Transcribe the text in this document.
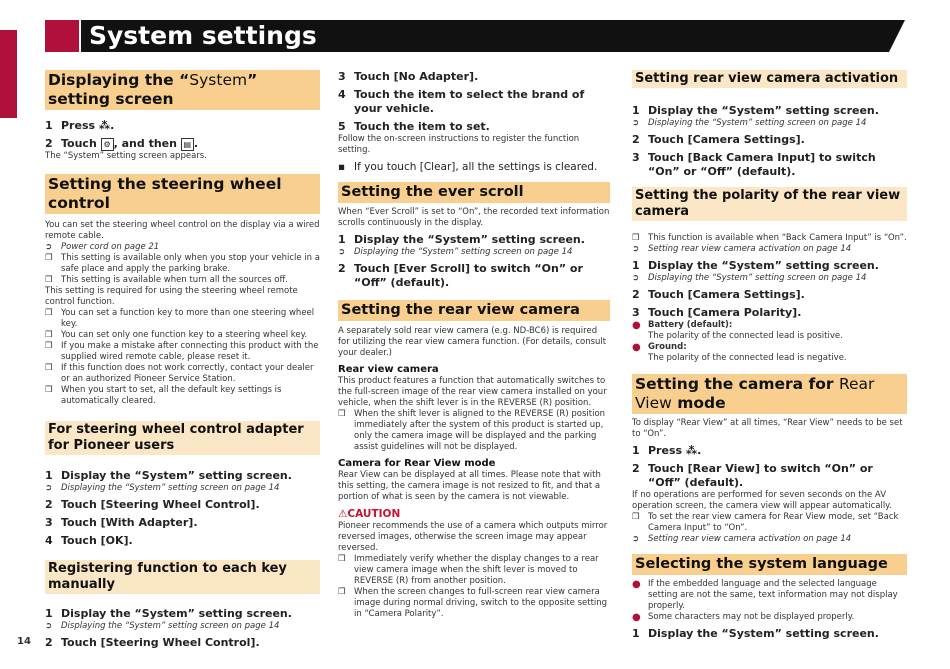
System settings
Displaying the “System” setting screen
1 Press ⁂.
2 Touch ⚙ , and then ▤ .
The “System” setting screen appears.
Setting the steering wheel control
You can set the steering wheel control on the display via a wired remote cable.
➲	Power cord on page 21
❒ This setting is available only when you stop your vehicle in a safe place and apply the parking brake.
❒ This setting is available when turn all the sources off.
This setting is required for using the steering wheel remote control function.
❒ You can set a function key to more than one steering wheel key.
❒ You can set only one function key to a steering wheel key.
❒ If you make a mistake after connecting this product with the supplied wired remote cable, please reset it.
❒ If this function does not work correctly, contact your dealer or an authorized Pioneer Service Station.
❒ When you start to set, all the default key settings is automatically cleared.
For steering wheel control adapter for Pioneer users
1 Display the “System” setting screen.
➲	Displaying the “System” setting screen on page 14
2 Touch [Steering Wheel Control].
3 Touch [With Adapter].
4 Touch [OK].
Registering function to each key manually
1 Display the “System” setting screen.
➲	Displaying the “System” setting screen on page 14
2 Touch [Steering Wheel Control].
3 Touch [No Adapter].
4 Touch the item to select the brand of your vehicle.
5 Touch the item to set.
Follow the on-screen instructions to register the function setting.
▪ If you touch [Clear], all the settings is cleared.
Setting the ever scroll
When “Ever Scroll” is set to “On”, the recorded text information scrolls continuously in the display.
1 Display the “System” setting screen.
➲	Displaying the “System” setting screen on page 14
2 Touch [Ever Scroll] to switch “On” or “Off” (default).
Setting the rear view camera
A separately sold rear view camera (e.g. ND-BC6) is required for utilizing the rear view camera function. (For details, consult your dealer.)
Rear view camera
This product features a function that automatically switches to the full-screen image of the rear view camera installed on your vehicle, when the shift lever is in the REVERSE (R) position.
❒ When the shift lever is aligned to the REVERSE (R) position immediately after the system of this product is started up, only the camera image will be displayed and the parking assist guidelines will not be displayed.
Camera for Rear View mode
Rear View can be displayed at all times. Please note that with this setting, the camera image is not resized to fit, and that a portion of what is seen by the camera is not viewable.
⚠CAUTION
Pioneer recommends the use of a camera which outputs mirror reversed images, otherwise the screen image may appear reversed.
❒ Immediately verify whether the display changes to a rear view camera image when the shift lever is moved to REVERSE (R) from another position.
❒ When the screen changes to full-screen rear view camera image during normal driving, switch to the opposite setting in “Camera Polarity”.
Setting rear view camera activation
1 Display the “System” setting screen.
➲	Displaying the “System” setting screen on page 14
2 Touch [Camera Settings].
3 Touch [Back Camera Input] to switch “On” or “Off” (default).
Setting the polarity of the rear view camera
❒ This function is available when “Back Camera Input” is “On”.
➲	Setting rear view camera activation on page 14
1 Display the “System” setting screen.
➲	Displaying the “System” setting screen on page 14
2 Touch [Camera Settings].
3 Touch [Camera Polarity].
● Battery (default):
The polarity of the connected lead is positive.
● Ground:
The polarity of the connected lead is negative.
Setting the camera for Rear View mode
To display “Rear View” at all times, “Rear View” needs to be set to “On”.
1 Press ⁂.
2 Touch [Rear View] to switch “On” or “Off” (default).
If no operations are performed for seven seconds on the AV operation screen, the camera view will appear automatically.
❒ To set the rear view camera for Rear View mode, set “Back Camera Input” to “On”.
➲	Setting rear view camera activation on page 14
Selecting the system language
● If the embedded language and the selected language setting are not the same, text information may not display properly.
● Some characters may not be displayed properly.
1 Display the “System” setting screen.
14
